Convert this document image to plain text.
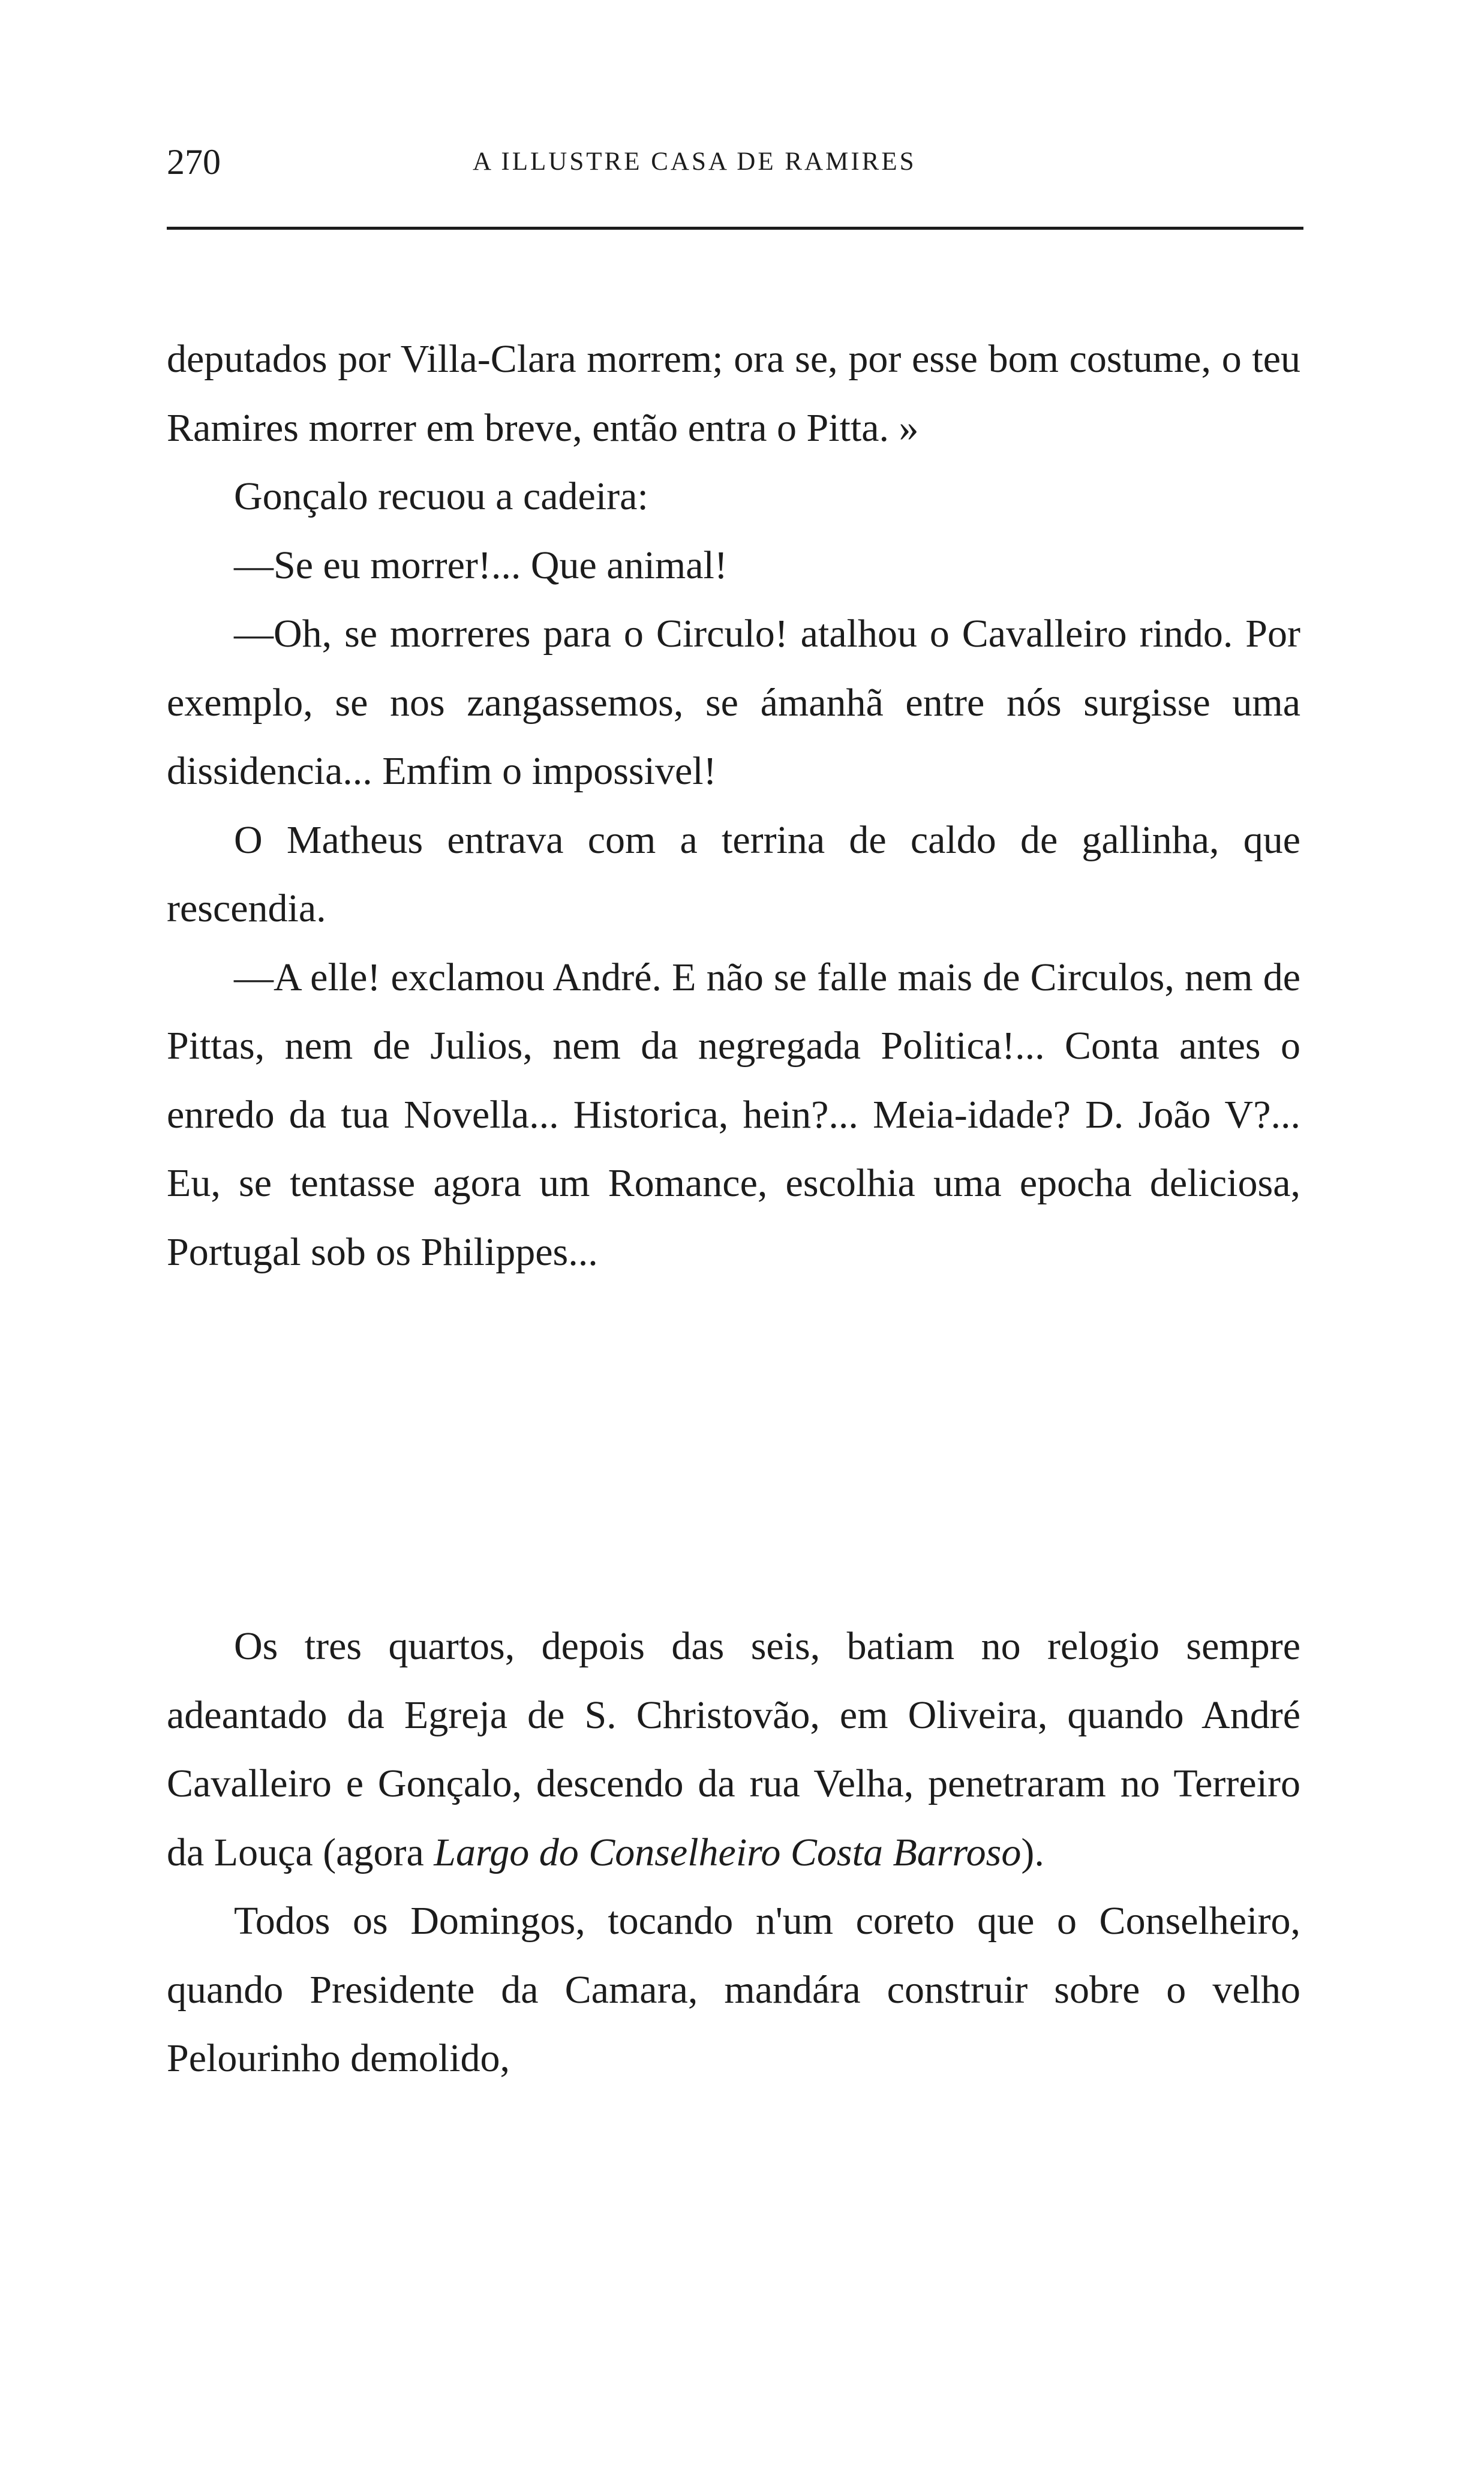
270	A ILLUSTRE CASA DE RAMIRES

deputados por Villa-Clara morrem; ora se, por esse bom costume, o teu Ramires morrer em breve, então entra o Pitta. »

Gonçalo recuou a cadeira:

—Se eu morrer!... Que animal!

—Oh, se morreres para o Circulo! atalhou o Cavalleiro rindo. Por exemplo, se nos zangassemos, se ámanhã entre nós surgisse uma dissidencia... Emfim o impossivel!

O Matheus entrava com a terrina de caldo de gallinha, que rescendia.

—A elle! exclamou André. E não se falle mais de Circulos, nem de Pittas, nem de Julios, nem da negregada Politica!... Conta antes o enredo da tua Novella... Historica, hein?... Meia-idade? D. João V?... Eu, se tentasse agora um Romance, escolhia uma epocha deliciosa, Portugal sob os Philippes...

Os tres quartos, depois das seis, batiam no relogio sempre adeantado da Egreja de S. Christovão, em Oliveira, quando André Cavalleiro e Gonçalo, descendo da rua Velha, penetraram no Terreiro da Louça (agora Largo do Conselheiro Costa Barroso).

Todos os Domingos, tocando n'um coreto que o Conselheiro, quando Presidente da Camara, mandára construir sobre o velho Pelourinho demolido,
